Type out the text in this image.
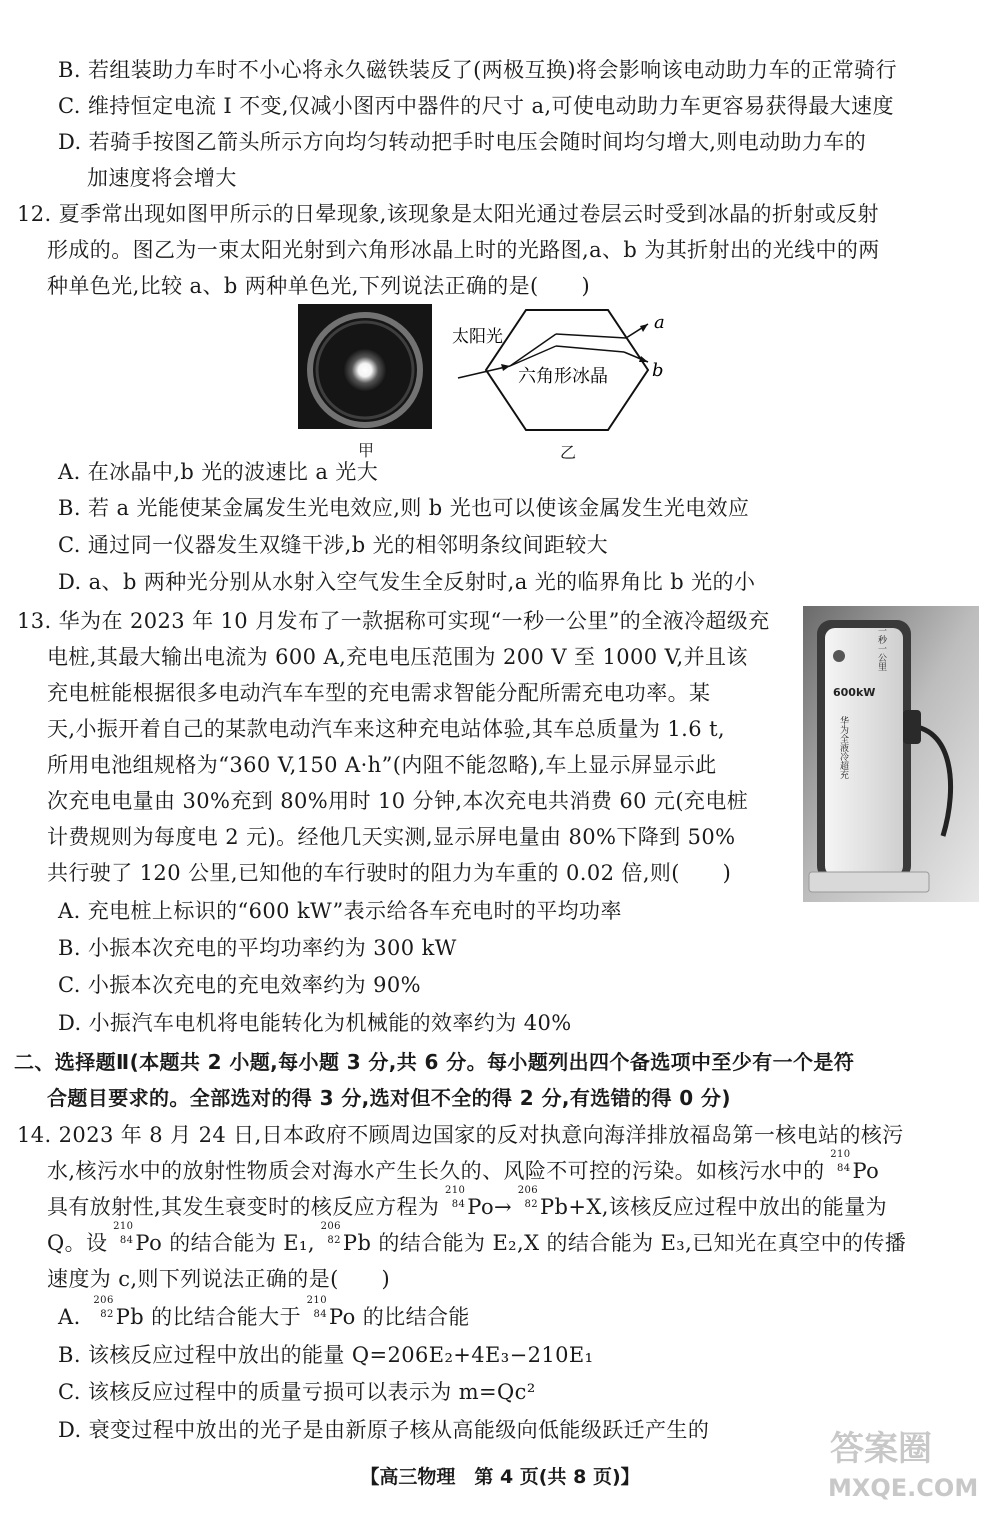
B. 若组装助力车时不小心将永久磁铁装反了(两极互换)将会影响该电动助力车的正常骑行
C. 维持恒定电流 I 不变,仅减小图丙中器件的尺寸 a,可使电动助力车更容易获得最大速度
D. 若骑手按图乙箭头所示方向均匀转动把手时电压会随时间均匀增大,则电动助力车的
加速度将会增大
12. 夏季常出现如图甲所示的日晕现象,该现象是太阳光通过卷层云时受到冰晶的折射或反射
形成的。图乙为一束太阳光射到六角形冰晶上时的光路图,a、b 为其折射出的光线中的两
种单色光,比较 a、b 两种单色光,下列说法正确的是(　　)
甲
太阳光
六角形冰晶
a
b
乙
A. 在冰晶中,b 光的波速比 a 光大
B. 若 a 光能使某金属发生光电效应,则 b 光也可以使该金属发生光电效应
C. 通过同一仪器发生双缝干涉,b 光的相邻明条纹间距较大
D. a、b 两种光分别从水射入空气发生全反射时,a 光的临界角比 b 光的小
13. 华为在 2023 年 10 月发布了一款据称可实现“一秒一公里”的全液冷超级充
电桩,其最大输出电流为 600 A,充电电压范围为 200 V 至 1000 V,并且该
充电桩能根据很多电动汽车车型的充电需求智能分配所需充电功率。某
天,小振开着自己的某款电动汽车来这种充电站体验,其车总质量为 1.6 t,
所用电池组规格为“360 V,150 A·h”(内阻不能忽略),车上显示屏显示此
次充电电量由 30%充到 80%用时 10 分钟,本次充电共消费 60 元(充电桩
计费规则为每度电 2 元)。经他几天实测,显示屏电量由 80%下降到 50%
共行驶了 120 公里,已知他的车行驶时的阻力为车重的 0.02 倍,则(　　)
600kW
华为全液冷超充
一秒一公里
A. 充电桩上标识的“600 kW”表示给各车充电时的平均功率
B. 小振本次充电的平均功率约为 300 kW
C. 小振本次充电的充电效率约为 90%
D. 小振汽车电机将电能转化为机械能的效率约为 40%
二、选择题Ⅱ(本题共 2 小题,每小题 3 分,共 6 分。每小题列出四个备选项中至少有一个是符
合题目要求的。全部选对的得 3 分,选对但不全的得 2 分,有选错的得 0 分)
14. 2023 年 8 月 24 日,日本政府不顾周边国家的反对执意向海洋排放福岛第一核电站的核污
水,核污水中的放射性物质会对海水产生长久的、风险不可控的污染。如核污水中的
210
84 Po
具有放射性,其发生衰变时的核反应方程为
210
84 Po→
206
82 Pb+X,该核反应过程中放出的能量为
Q。设
210
84 Po 的结合能为 E₁,
206
82 Pb 的结合能为 E₂,X 的结合能为 E₃,已知光在真空中的传播
速度为 c,则下列说法正确的是(　　)
A.
206
82 Pb 的比结合能大于
210
84 Po 的比结合能
B. 该核反应过程中放出的能量 Q=206E₂+4E₃−210E₁
C. 该核反应过程中的质量亏损可以表示为 m=Qc²
D. 衰变过程中放出的光子是由新原子核从高能级向低能级跃迁产生的
【高三物理　第 4 页(共 8 页)】
答案圈
MXQE.COM
